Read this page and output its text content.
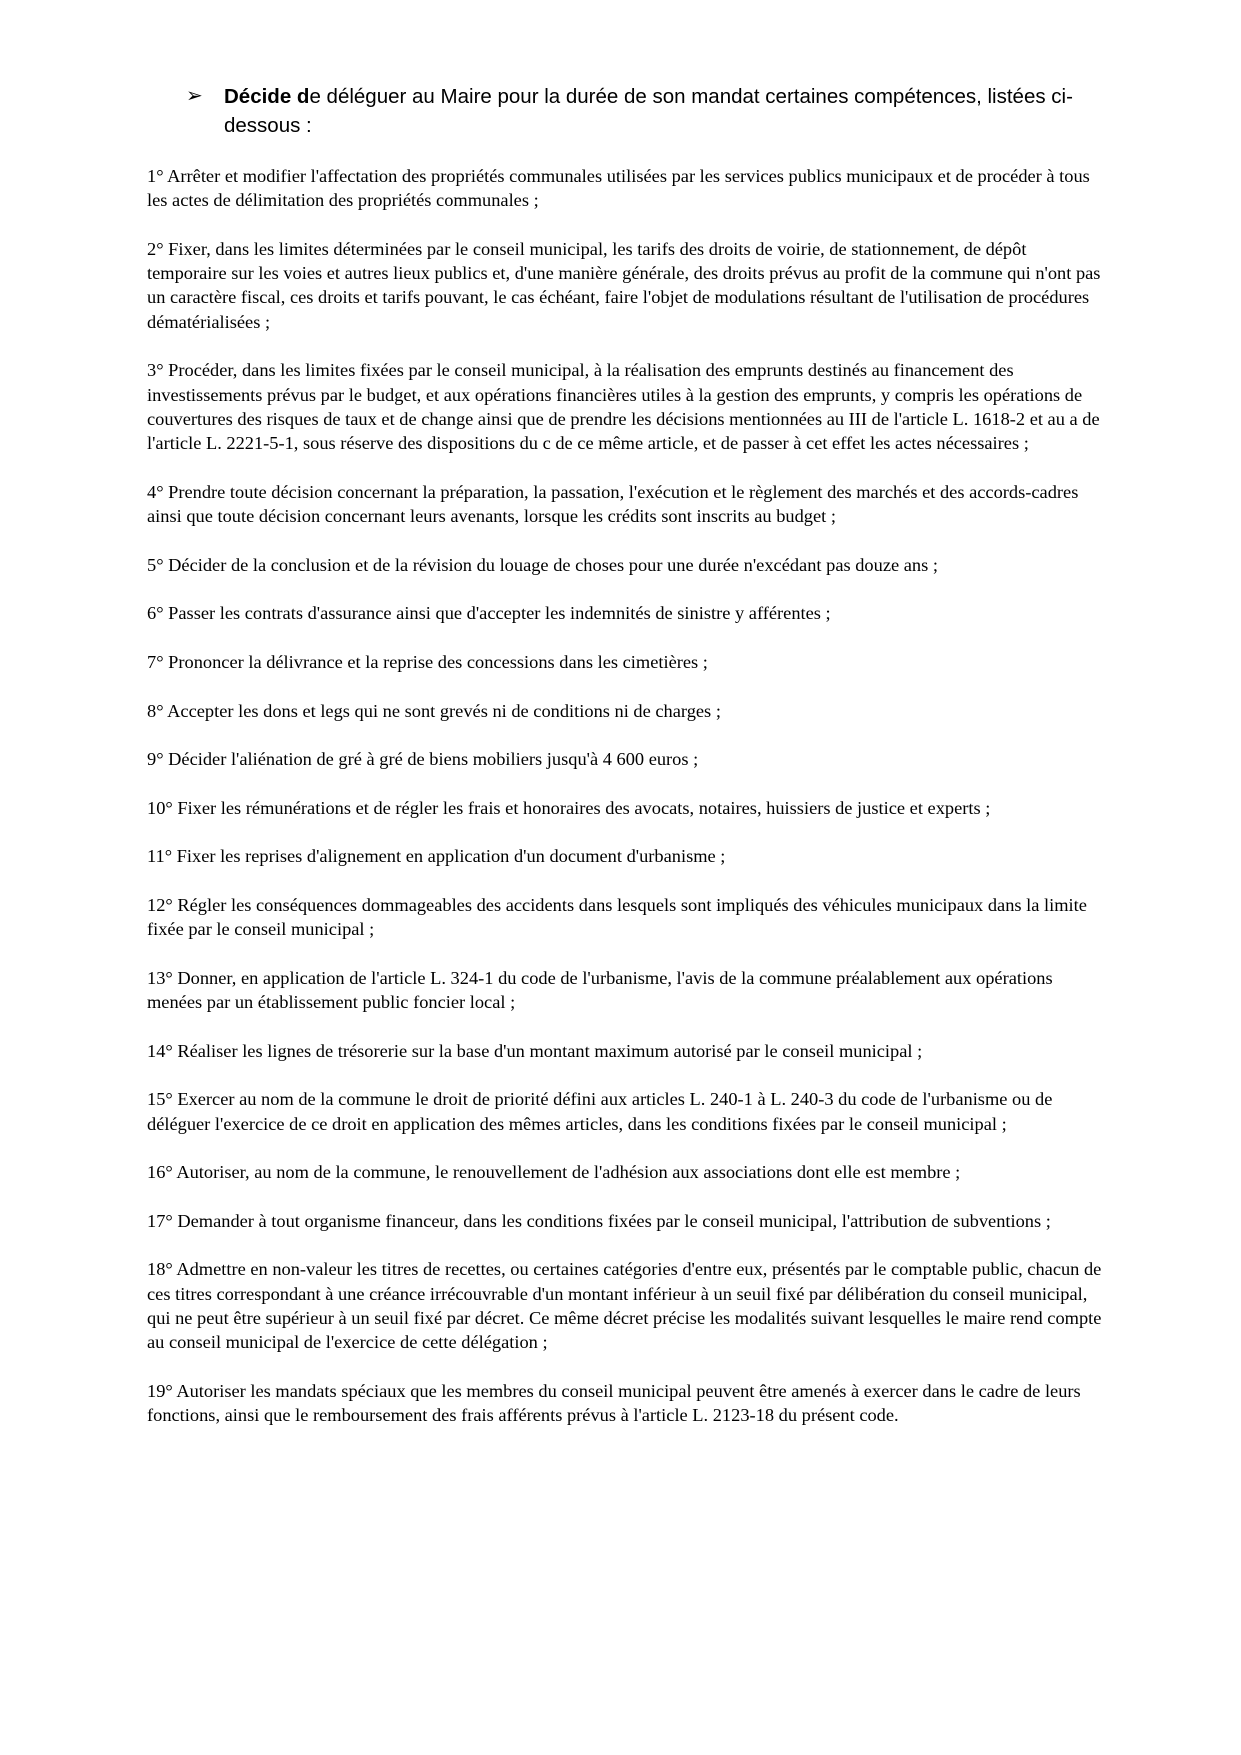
➢ Décide de déléguer au Maire pour la durée de son mandat certaines compétences, listées ci-dessous :

1° Arrêter et modifier l'affectation des propriétés communales utilisées par les services publics municipaux et de procéder à tous les actes de délimitation des propriétés communales ;

2° Fixer, dans les limites déterminées par le conseil municipal, les tarifs des droits de voirie, de stationnement, de dépôt temporaire sur les voies et autres lieux publics et, d'une manière générale, des droits prévus au profit de la commune qui n'ont pas un caractère fiscal, ces droits et tarifs pouvant, le cas échéant, faire l'objet de modulations résultant de l'utilisation de procédures dématérialisées ;

3° Procéder, dans les limites fixées par le conseil municipal, à la réalisation des emprunts destinés au financement des investissements prévus par le budget, et aux opérations financières utiles à la gestion des emprunts, y compris les opérations de couvertures des risques de taux et de change ainsi que de prendre les décisions mentionnées au III de l'article L. 1618-2 et au a de l'article L. 2221-5-1, sous réserve des dispositions du c de ce même article, et de passer à cet effet les actes nécessaires ;

4° Prendre toute décision concernant la préparation, la passation, l'exécution et le règlement des marchés et des accords-cadres ainsi que toute décision concernant leurs avenants, lorsque les crédits sont inscrits au budget ;

5° Décider de la conclusion et de la révision du louage de choses pour une durée n'excédant pas douze ans ;

6° Passer les contrats d'assurance ainsi que d'accepter les indemnités de sinistre y afférentes ;

7° Prononcer la délivrance et la reprise des concessions dans les cimetières ;

8° Accepter les dons et legs qui ne sont grevés ni de conditions ni de charges ;

9° Décider l'aliénation de gré à gré de biens mobiliers jusqu'à 4 600 euros ;

10° Fixer les rémunérations et de régler les frais et honoraires des avocats, notaires, huissiers de justice et experts ;

11° Fixer les reprises d'alignement en application d'un document d'urbanisme ;

12° Régler les conséquences dommageables des accidents dans lesquels sont impliqués des véhicules municipaux dans la limite fixée par le conseil municipal ;

13° Donner, en application de l'article L. 324-1 du code de l'urbanisme, l'avis de la commune préalablement aux opérations menées par un établissement public foncier local ;

14° Réaliser les lignes de trésorerie sur la base d'un montant maximum autorisé par le conseil municipal ;

15° Exercer au nom de la commune le droit de priorité défini aux articles L. 240-1 à L. 240-3 du code de l'urbanisme ou de déléguer l'exercice de ce droit en application des mêmes articles, dans les conditions fixées par le conseil municipal ;

16° Autoriser, au nom de la commune, le renouvellement de l'adhésion aux associations dont elle est membre ;

17° Demander à tout organisme financeur, dans les conditions fixées par le conseil municipal, l'attribution de subventions ;

18° Admettre en non-valeur les titres de recettes, ou certaines catégories d'entre eux, présentés par le comptable public, chacun de ces titres correspondant à une créance irrécouvrable d'un montant inférieur à un seuil fixé par délibération du conseil municipal, qui ne peut être supérieur à un seuil fixé par décret. Ce même décret précise les modalités suivant lesquelles le maire rend compte au conseil municipal de l'exercice de cette délégation ;

19° Autoriser les mandats spéciaux que les membres du conseil municipal peuvent être amenés à exercer dans le cadre de leurs fonctions, ainsi que le remboursement des frais afférents prévus à l'article L. 2123-18 du présent code.
